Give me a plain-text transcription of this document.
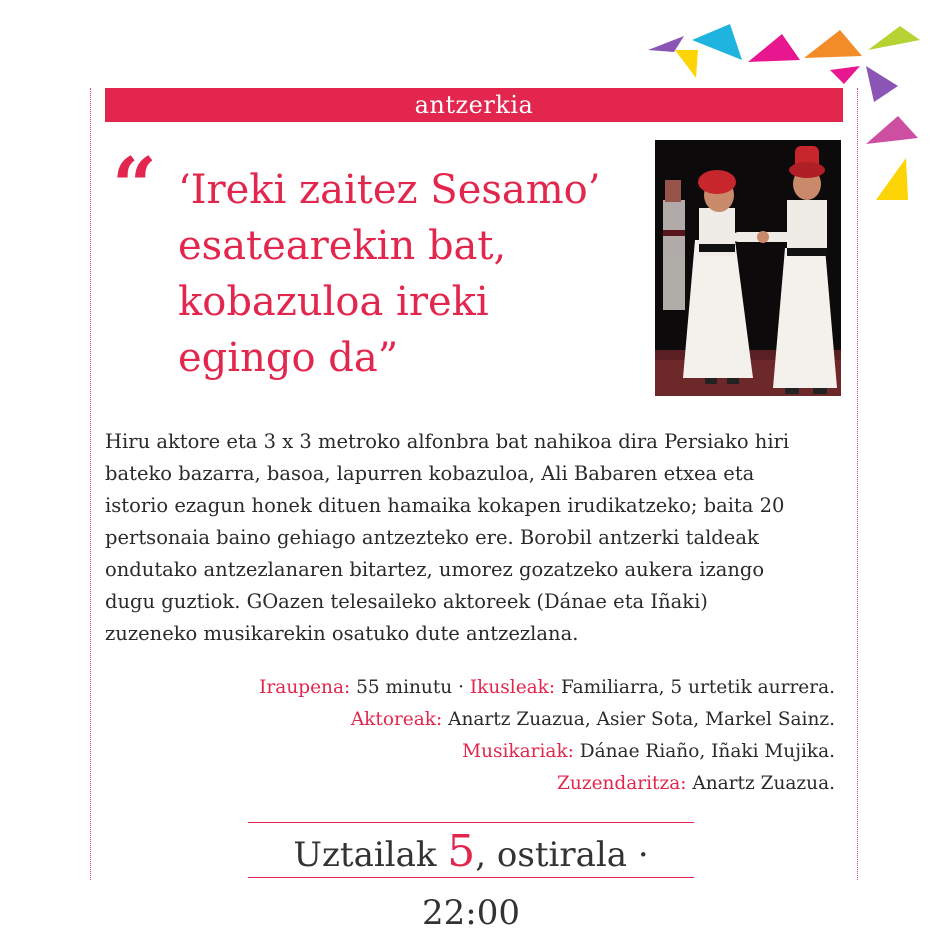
antzerkia
“ ‘Ireki zaitez Sesamo’
esatearekin bat,
kobazuloa ireki
egingo da”
Hiru aktore eta 3 x 3 metroko alfonbra bat nahikoa dira Persiako hiri
bateko bazarra, basoa, lapurren kobazuloa, Ali Babaren etxea eta
istorio ezagun honek dituen hamaika kokapen irudikatzeko; baita 20
pertsonaia baino gehiago antzezteko ere. Borobil antzerki taldeak
ondutako antzezlanaren bitartez, umorez gozatzeko aukera izango
dugu guztiok. GOazen telesaileko aktoreek (Dánae eta Iñaki)
zuzeneko musikarekin osatuko dute antzezlana.
Iraupena: 55 minutu · Ikusleak: Familiarra, 5 urtetik aurrera.
Aktoreak: Anartz Zuazua, Asier Sota, Markel Sainz.
Musikariak: Dánae Riaño, Iñaki Mujika.
Zuzendaritza: Anartz Zuazua.
Uztailak 5, ostirala · 22:00
